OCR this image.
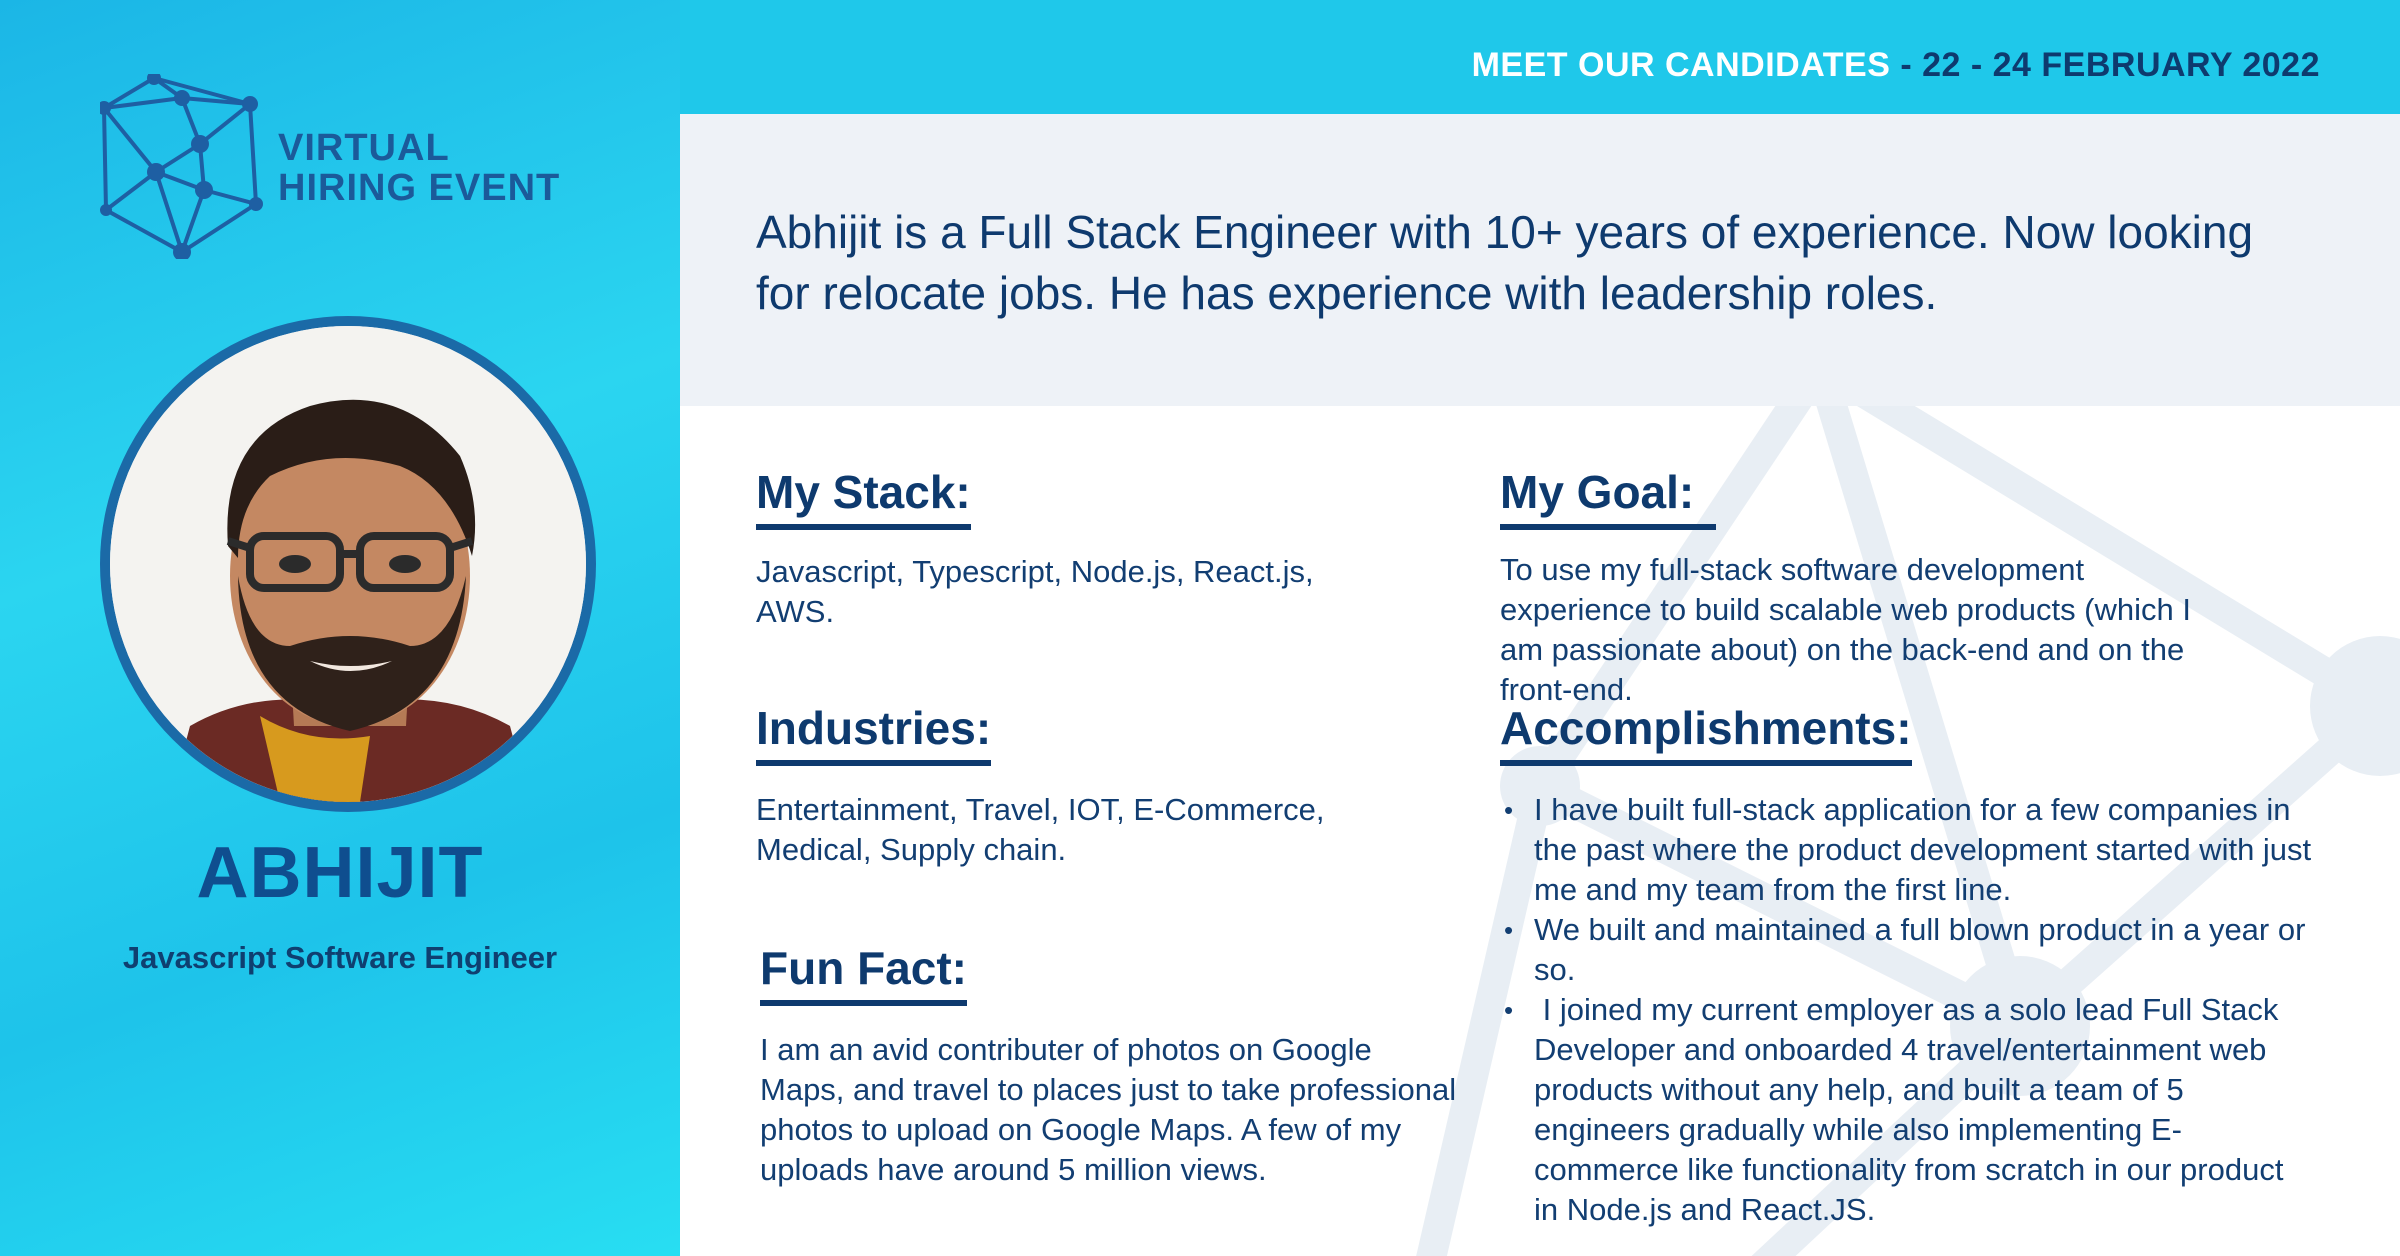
VIRTUAL
HIRING EVENT
ABHIJIT
Javascript Software Engineer
MEET OUR CANDIDATES - 22 - 24 FEBRUARY 2022
Abhijit is a Full Stack Engineer with 10+ years of experience. Now looking for relocate jobs. He has experience with leadership roles.
My Stack:
Javascript, Typescript, Node.js, React.js, AWS.
Industries:
Entertainment, Travel, IOT, E-Commerce, Medical, Supply chain.
Fun Fact:
I am an avid contributer of photos on Google Maps, and travel to places just to take professional photos to upload on Google Maps. A few of my uploads have around 5 million views.
My Goal:
To use my full-stack software development experience to build scalable web products (which I am passionate about) on the back-end and on the front-end.
Accomplishments:
• I have built full-stack application for a few companies in the past where the product development started with just me and my team from the first line.
• We built and maintained a full blown product in a year or so.
•  I joined my current employer as a solo lead Full Stack Developer and onboarded 4 travel/entertainment web products without any help, and built a team of 5 engineers gradually while also implementing E-commerce like functionality from scratch in our product in Node.js and React.JS.
